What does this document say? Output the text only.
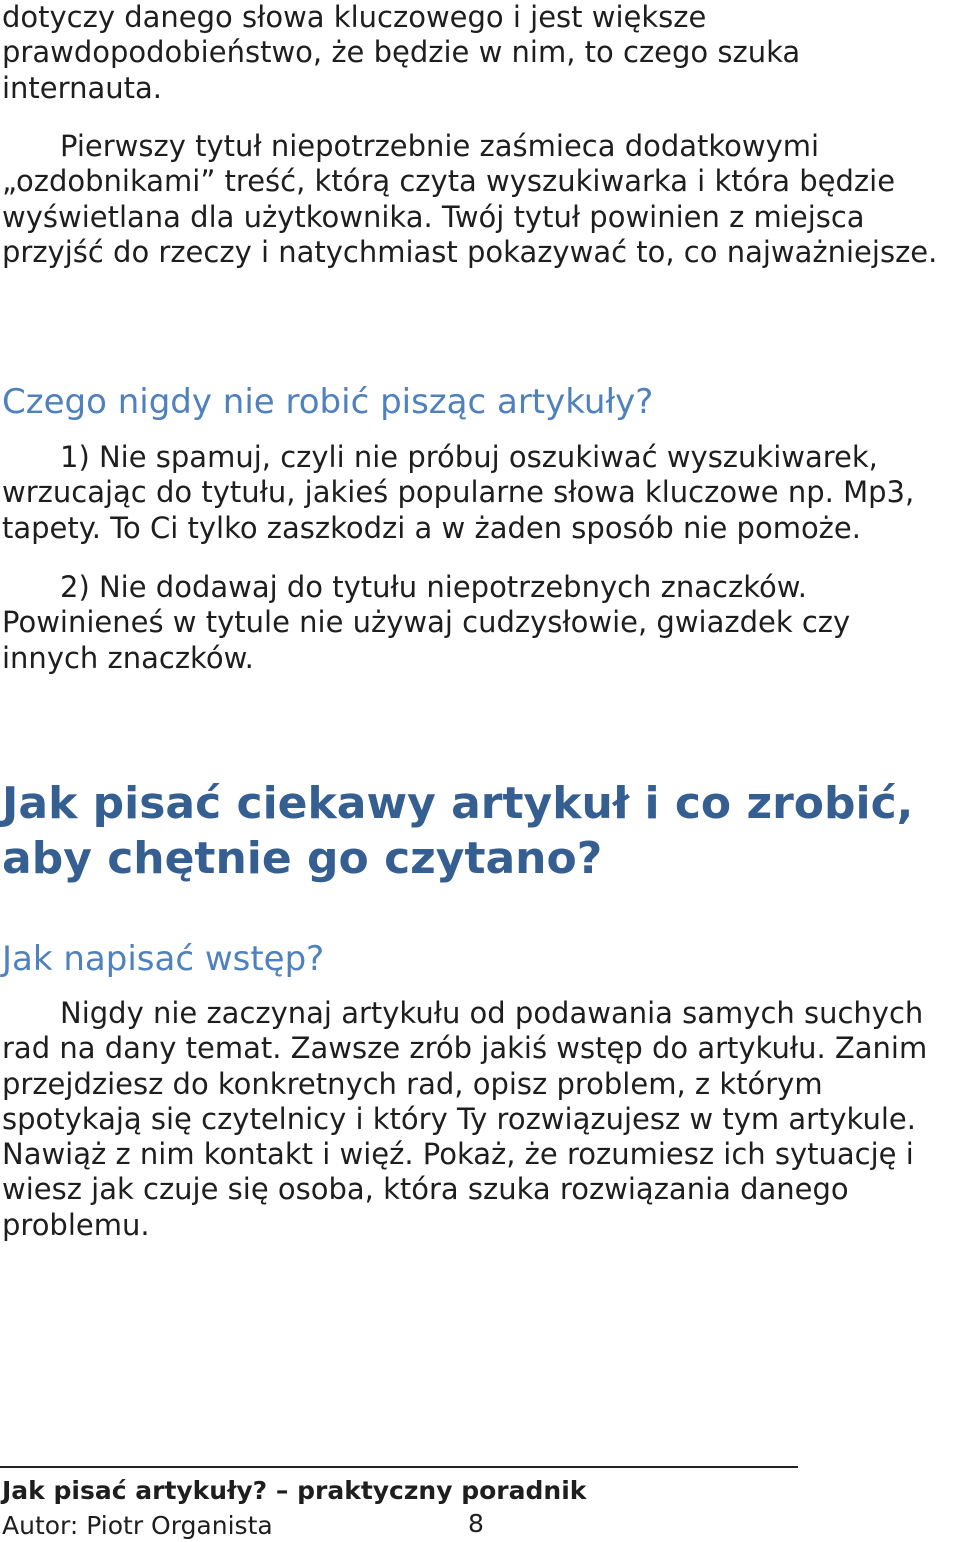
dotyczy danego słowa kluczowego i jest większe prawdopodobieństwo, że będzie w nim, to czego szuka internauta.

Pierwszy tytuł niepotrzebnie zaśmieca dodatkowymi „ozdobnikami” treść, którą czyta wyszukiwarka i która będzie wyświetlana dla użytkownika. Twój tytuł powinien z miejsca przyjść do rzeczy i natychmiast pokazywać to, co najważniejsze.

Czego nigdy nie robić pisząc artykuły?

1) Nie spamuj, czyli nie próbuj oszukiwać wyszukiwarek, wrzucając do tytułu, jakieś popularne słowa kluczowe np. Mp3, tapety. To Ci tylko zaszkodzi a w żaden sposób nie pomoże.

2) Nie dodawaj do tytułu niepotrzebnych znaczków. Powinieneś w tytule nie używaj cudzysłowie, gwiazdek czy innych znaczków.

Jak pisać ciekawy artykuł i co zrobić, aby chętnie go czytano?
Jak napisać wstęp?

Nigdy nie zaczynaj artykułu od podawania samych suchych rad na dany temat. Zawsze zrób jakiś wstęp do artykułu. Zanim przejdziesz do konkretnych rad, opisz problem, z którym spotykają się czytelnicy i który Ty rozwiązujesz w tym artykule. Nawiąż z nim kontakt i więź. Pokaż, że rozumiesz ich sytuację i wiesz jak czuje się osoba, która szuka rozwiązania danego problemu.

Jak pisać artykuły? – praktyczny poradnik

Autor: Piotr Organista	8
